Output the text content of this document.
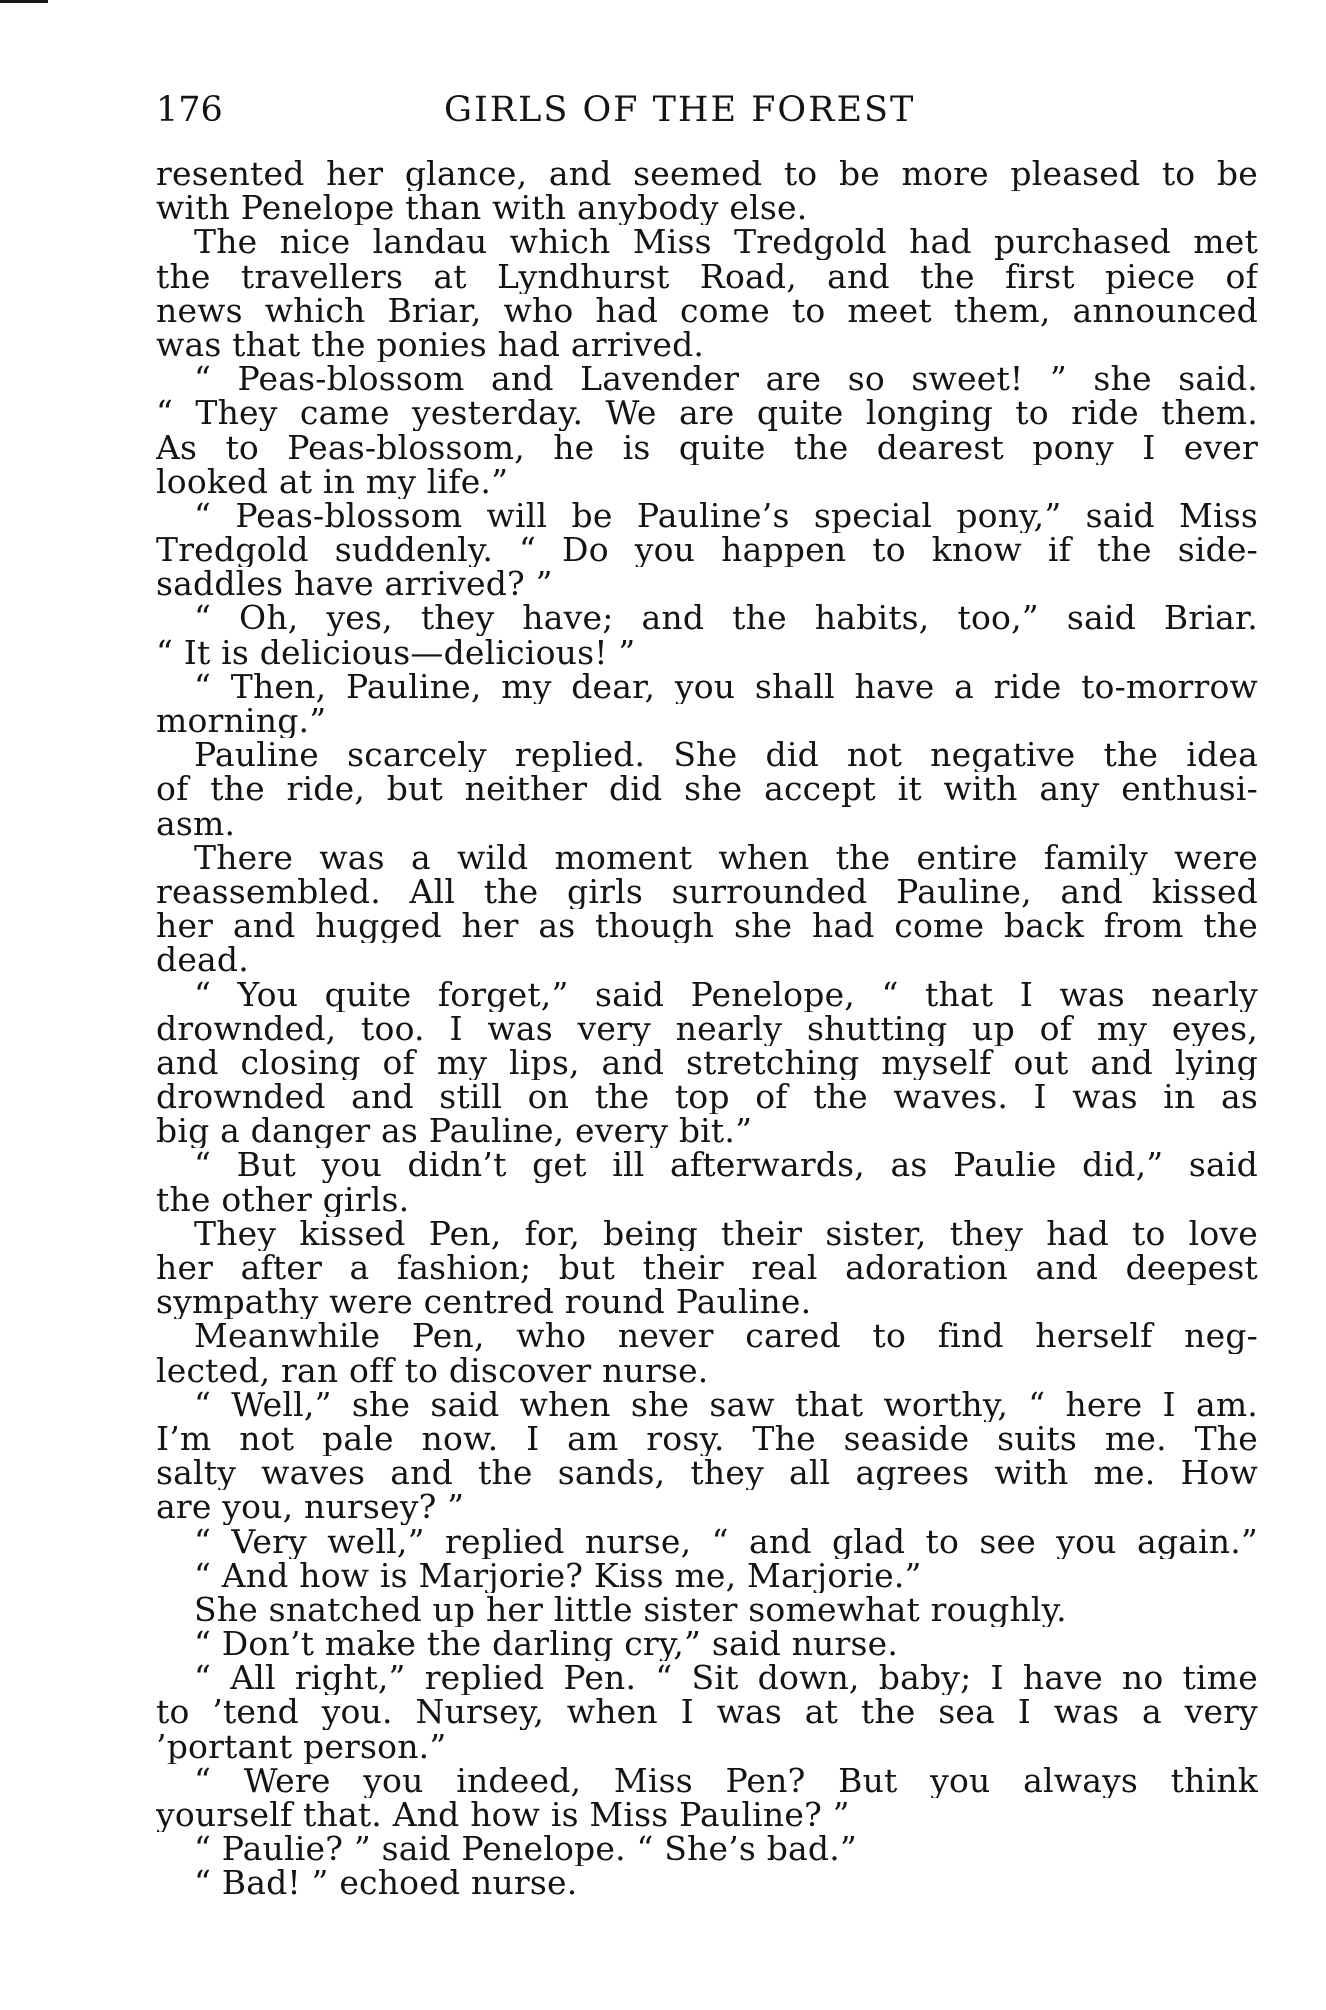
176	GIRLS OF THE FOREST
resented her glance, and seemed to be more pleased to be
with Penelope than with anybody else.
The nice landau which Miss Tredgold had purchased met
the travellers at Lyndhurst Road, and the first piece of
news which Briar, who had come to meet them, announced
was that the ponies had arrived.
“ Peas-blossom and Lavender are so sweet! ” she said.
“ They came yesterday. We are quite longing to ride them.
As to Peas-blossom, he is quite the dearest pony I ever
looked at in my life.”
“ Peas-blossom will be Pauline’s special pony,” said Miss
Tredgold suddenly. “ Do you happen to know if the side-
saddles have arrived? ”
“ Oh, yes, they have; and the habits, too,” said Briar.
“ It is delicious—delicious! ”
“ Then, Pauline, my dear, you shall have a ride to-morrow
morning.”
Pauline scarcely replied. She did not negative the idea
of the ride, but neither did she accept it with any enthusi-
asm.
There was a wild moment when the entire family were
reassembled. All the girls surrounded Pauline, and kissed
her and hugged her as though she had come back from the
dead.
“ You quite forget,” said Penelope, “ that I was nearly
drownded, too. I was very nearly shutting up of my eyes,
and closing of my lips, and stretching myself out and lying
drownded and still on the top of the waves. I was in as
big a danger as Pauline, every bit.”
“ But you didn’t get ill afterwards, as Paulie did,” said
the other girls.
They kissed Pen, for, being their sister, they had to love
her after a fashion; but their real adoration and deepest
sympathy were centred round Pauline.
Meanwhile Pen, who never cared to find herself neg-
lected, ran off to discover nurse.
“ Well,” she said when she saw that worthy, “ here I am.
I’m not pale now. I am rosy. The seaside suits me. The
salty waves and the sands, they all agrees with me. How
are you, nursey? ”
“ Very well,” replied nurse, “ and glad to see you again.”
“ And how is Marjorie? Kiss me, Marjorie.”
She snatched up her little sister somewhat roughly.
“ Don’t make the darling cry,” said nurse.
“ All right,” replied Pen. “ Sit down, baby; I have no time
to ’tend you. Nursey, when I was at the sea I was a very
’portant person.”
“ Were you indeed, Miss Pen? But you always think
yourself that. And how is Miss Pauline? ”
“ Paulie? ” said Penelope. “ She’s bad.”
“ Bad! ” echoed nurse.
